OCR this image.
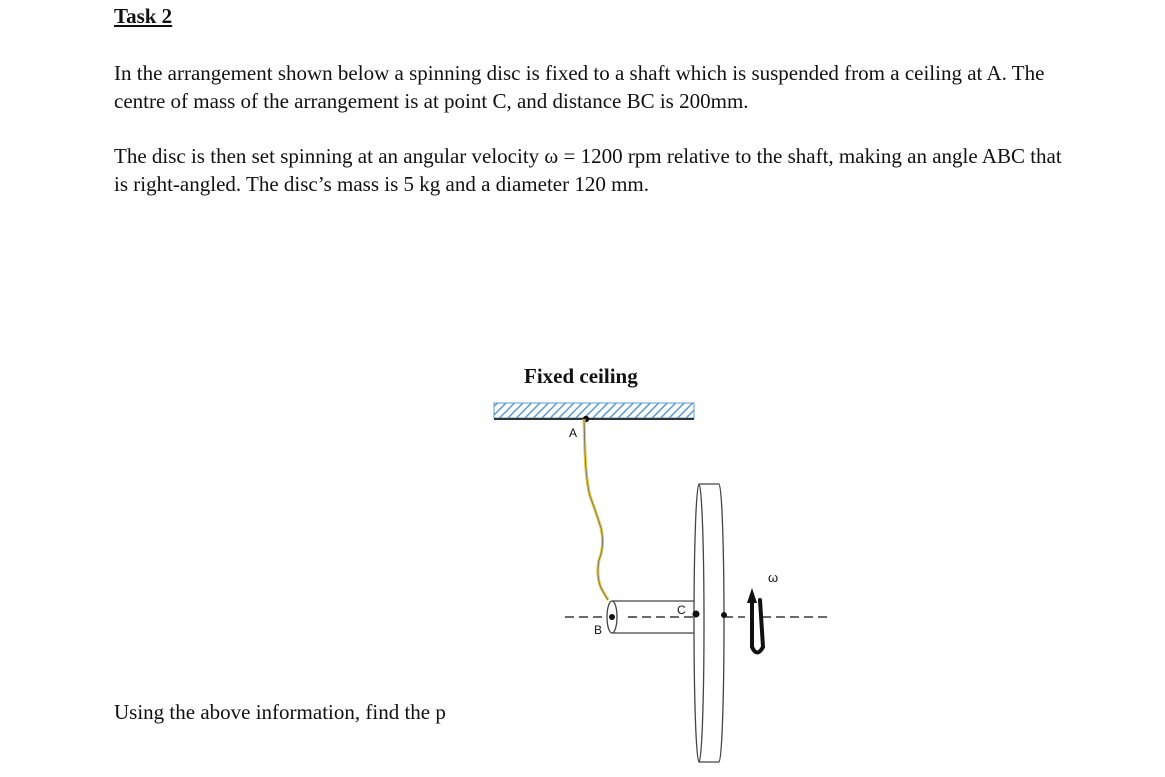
Task 2
In the arrangement shown below a spinning disc is fixed to a shaft which is suspended from a ceiling at A. The centre of mass of the arrangement is at point C, and distance BC is 200mm.
The disc is then set spinning at an angular velocity ω = 1200 rpm relative to the shaft, making an angle ABC that is right-angled. The disc’s mass is 5 kg and a diameter 120 mm.
Fixed ceiling
A
B
C
ω
Using the above information, find the p
